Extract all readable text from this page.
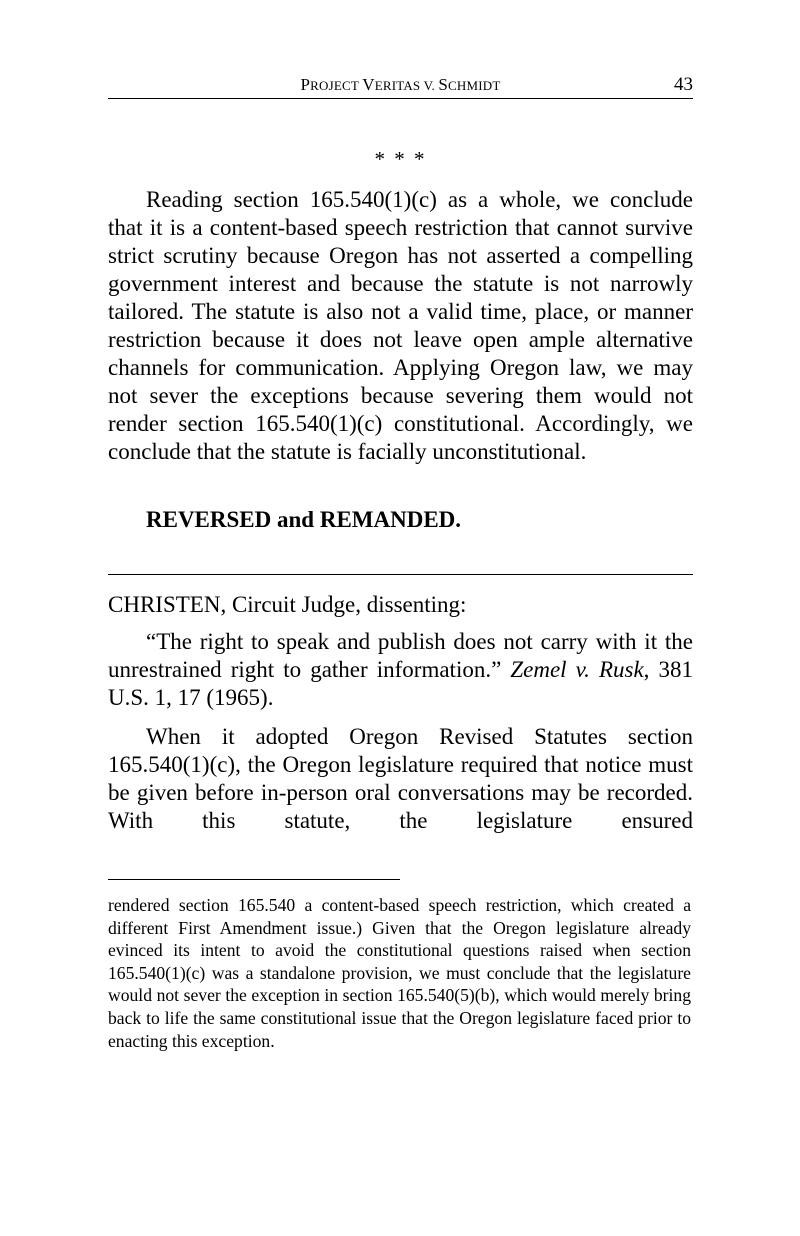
PROJECT VERITAS V. SCHMIDT	43
* * *

Reading section 165.540(1)(c) as a whole, we conclude that it is a content-based speech restriction that cannot survive strict scrutiny because Oregon has not asserted a compelling government interest and because the statute is not narrowly tailored. The statute is also not a valid time, place, or manner restriction because it does not leave open ample alternative channels for communication. Applying Oregon law, we may not sever the exceptions because severing them would not render section 165.540(1)(c) constitutional. Accordingly, we conclude that the statute is facially unconstitutional.

REVERSED and REMANDED.
CHRISTEN, Circuit Judge, dissenting:

“The right to speak and publish does not carry with it the unrestrained right to gather information.” Zemel v. Rusk, 381 U.S. 1, 17 (1965).

When it adopted Oregon Revised Statutes section 165.540(1)(c), the Oregon legislature required that notice must be given before in-person oral conversations may be recorded. With this statute, the legislature ensured

rendered section 165.540 a content-based speech restriction, which created a different First Amendment issue.) Given that the Oregon legislature already evinced its intent to avoid the constitutional questions raised when section 165.540(1)(c) was a standalone provision, we must conclude that the legislature would not sever the exception in section 165.540(5)(b), which would merely bring back to life the same constitutional issue that the Oregon legislature faced prior to enacting this exception.
